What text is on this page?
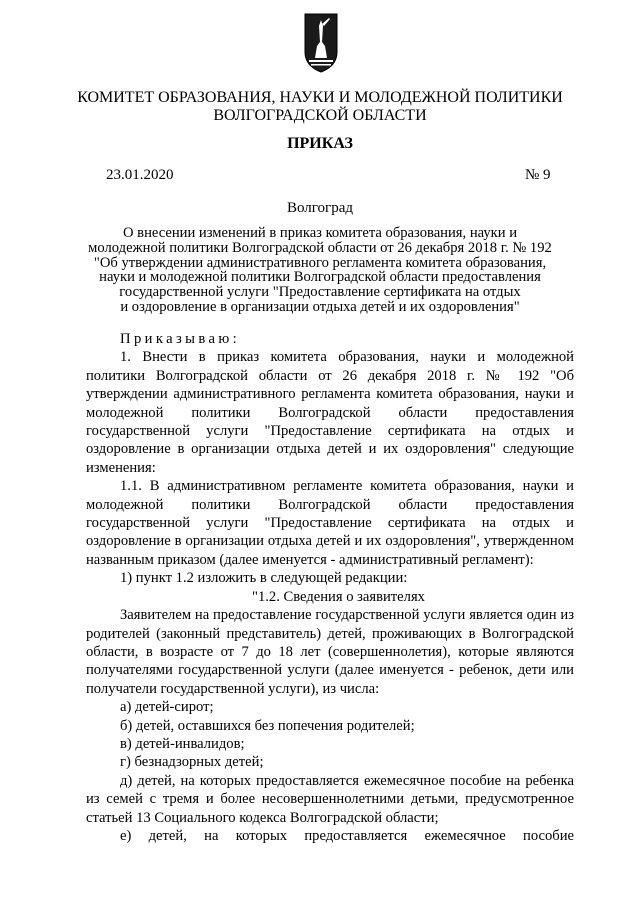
КОМИТЕТ ОБРАЗОВАНИЯ, НАУКИ И МОЛОДЕЖНОЙ ПОЛИТИКИ
ВОЛГОГРАДСКОЙ ОБЛАСТИ
ПРИКАЗ
23.01.2020	№ 9
Волгоград
О внесении изменений в приказ комитета образования, науки и
молодежной политики Волгоградской области от 26 декабря 2018 г. № 192
"Об утверждении административного регламента комитета образования,
науки и молодежной политики Волгоградской области предоставления
государственной услуги "Предоставление сертификата на отдых
и оздоровление в организации отдыха детей и их оздоровления"

Приказываю:

1. Внести в приказ комитета образования, науки и молодежной политики Волгоградской области от 26 декабря 2018 г. № 192 "Об утверждении административного регламента комитета образования, науки и молодежной политики Волгоградской области предоставления государственной услуги "Предоставление сертификата на отдых и оздоровление в организации отдыха детей и их оздоровления" следующие изменения:

1.1. В административном регламенте комитета образования, науки и молодежной политики Волгоградской области предоставления государственной услуги "Предоставление сертификата на отдых и оздоровление в организации отдыха детей и их оздоровления", утвержденном названным приказом (далее именуется - административный регламент):

1) пункт 1.2 изложить в следующей редакции:

"1.2. Сведения о заявителях

Заявителем на предоставление государственной услуги является один из родителей (законный представитель) детей, проживающих в Волгоградской области, в возрасте от 7 до 18 лет (совершеннолетия), которые являются получателями государственной услуги (далее именуется - ребенок, дети или получатели государственной услуги), из числа:

а) детей-сирот;

б) детей, оставшихся без попечения родителей;

в) детей-инвалидов;

г) безнадзорных детей;

д) детей, на которых предоставляется ежемесячное пособие на ребенка из семей с тремя и более несовершеннолетними детьми, предусмотренное статьей 13 Социального кодекса Волгоградской области;

е) детей, на которых предоставляется ежемесячное пособие
